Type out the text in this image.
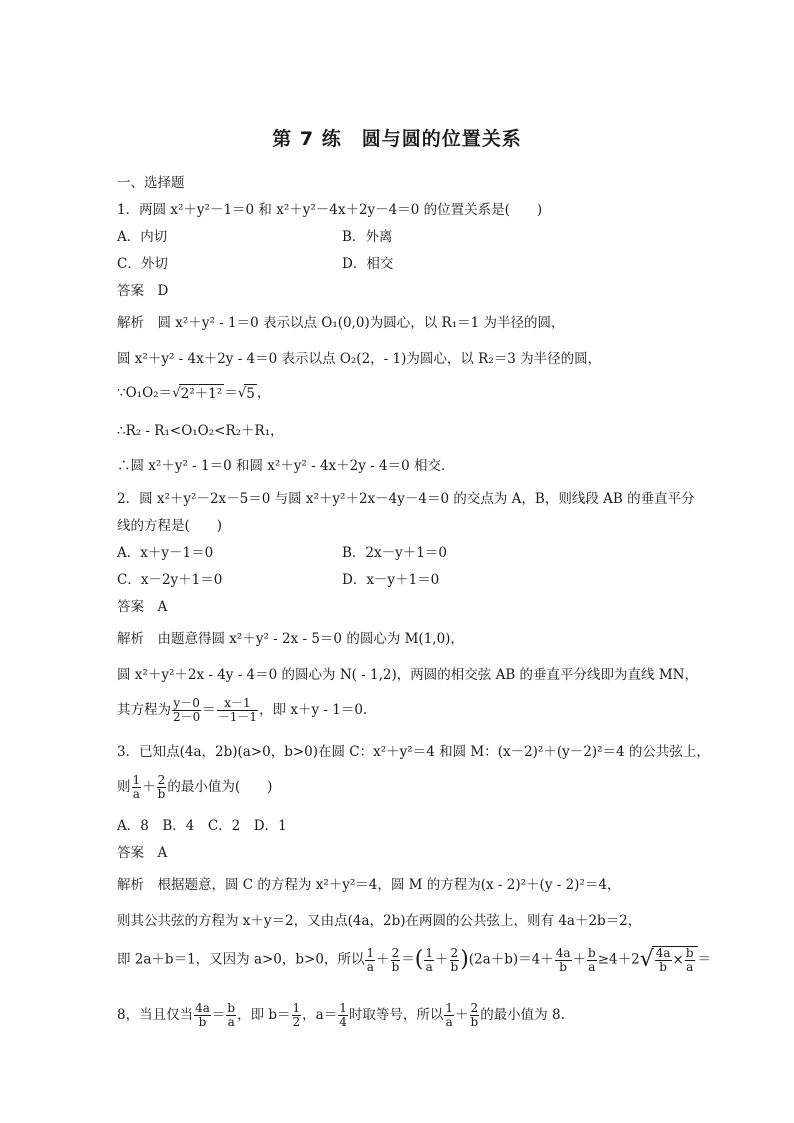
第 7 练　圆与圆的位置关系
一、选择题
1．两圆 x²＋y²－1＝0 和 x²＋y²－4x＋2y－4＝0 的位置关系是(　　)
A．内切	B．外离
C．外切	D．相交
答案　D
解析　圆 x²＋y² - 1＝0 表示以点 O₁(0,0)为圆心，以 R₁＝1 为半径的圆，
圆 x²＋y² - 4x＋2y - 4＝0 表示以点 O₂(2，- 1)为圆心，以 R₂＝3 为半径的圆，
∵O₁O₂＝√2²＋1² ＝√5 ，
∴R₂ - R₁<O₁O₂<R₂＋R₁，
∴圆 x²＋y² - 1＝0 和圆 x²＋y² - 4x＋2y - 4＝0 相交．
2．圆 x²＋y²－2x－5＝0 与圆 x²＋y²＋2x－4y－4＝0 的交点为 A，B，则线段 AB 的垂直平分
线的方程是(　　)
A．x＋y－1＝0	B．2x－y＋1＝0
C．x－2y＋1＝0	D．x－y＋1＝0
答案　A
解析　由题意得圆 x²＋y² - 2x - 5＝0 的圆心为 M(1,0)，
圆 x²＋y²＋2x - 4y - 4＝0 的圆心为 N( - 1,2)，两圆的相交弦 AB 的垂直平分线即为直线 MN，
其方程为 $\frac{y-0}{2-0} = \frac{x-1}{-1-1}$ ，即 x＋y - 1＝0.
3．已知点(4a，2b)(a>0，b>0)在圆 C：x²＋y²＝4 和圆 M：(x－2)²＋(y－2)²＝4 的公共弦上，
则 $\frac{1}{a} + \frac{2}{b}$ 的最小值为(　　)
A．8　B．4　C．2　D．1
答案　A
解析　根据题意，圆 C 的方程为 x²＋y²＝4，圆 M 的方程为(x - 2)²＋(y - 2)²＝4，
则其公共弦的方程为 x＋y＝2，又由点(4a，2b)在两圆的公共弦上，则有 4a＋2b＝2，
即 2a＋b＝1，又因为 a>0，b>0，所以 $\frac{1}{a} + \frac{2}{b}$ ＝( $\frac{1}{a} + \frac{2}{b} )(2a+b)=4+ \frac{4a}{b} + \frac{b}{a} \ge 4+2√ \frac{4a}{b} \times \frac{b}{a}$ ＝
8，当且仅当 $\frac{4a}{b} = \frac{b}{a}$ ，即 $b= \frac{1}{2}$ ，$a= \frac{1}{4}$ 时取等号，所以 $\frac{1}{a} + \frac{2}{b}$ 的最小值为 8.
